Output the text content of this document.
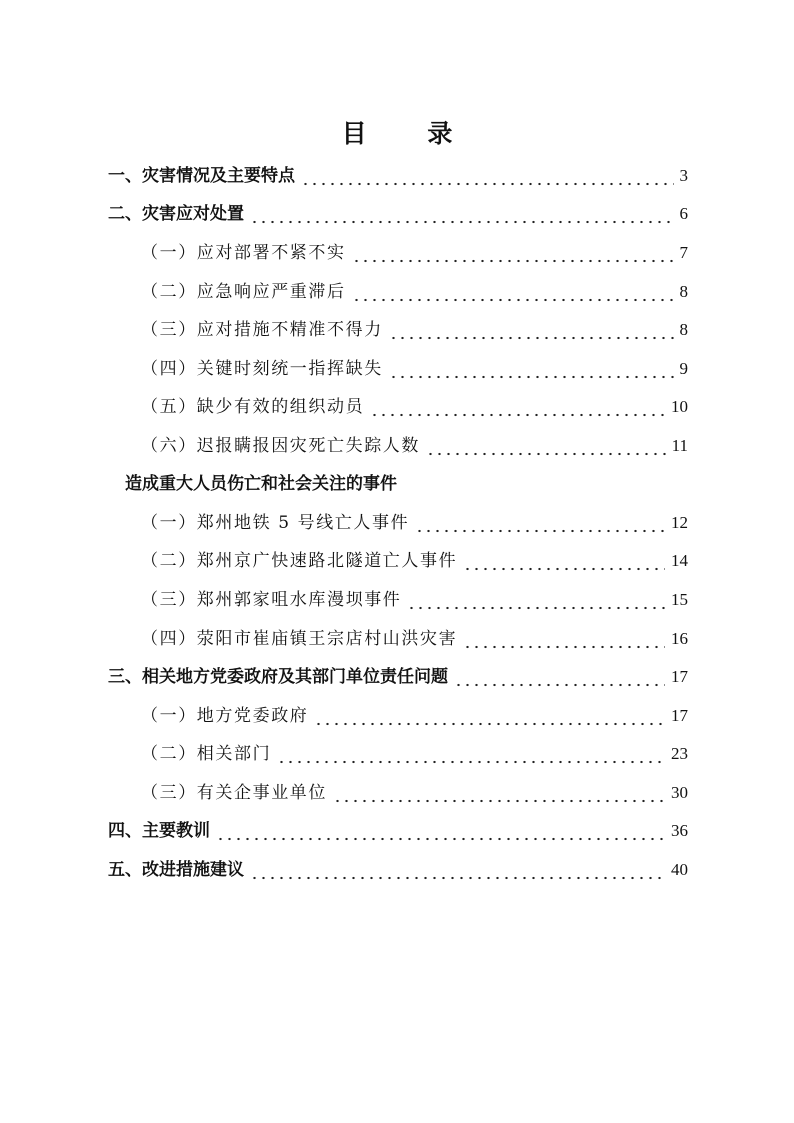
目 录
一、灾害情况及主要特点	3
二、灾害应对处置	6
（一）应对部署不紧不实	7
（二）应急响应严重滞后	8
（三）应对措施不精准不得力	8
（四）关键时刻统一指挥缺失	9
（五）缺少有效的组织动员	10
（六）迟报瞒报因灾死亡失踪人数	11
造成重大人员伤亡和社会关注的事件
（一）郑州地铁 5 号线亡人事件	12
（二）郑州京广快速路北隧道亡人事件	14
（三）郑州郭家咀水库漫坝事件	15
（四）荥阳市崔庙镇王宗店村山洪灾害	16
三、相关地方党委政府及其部门单位责任问题	17
（一）地方党委政府	17
（二）相关部门	23
（三）有关企事业单位	30
四、主要教训	36
五、改进措施建议	40
